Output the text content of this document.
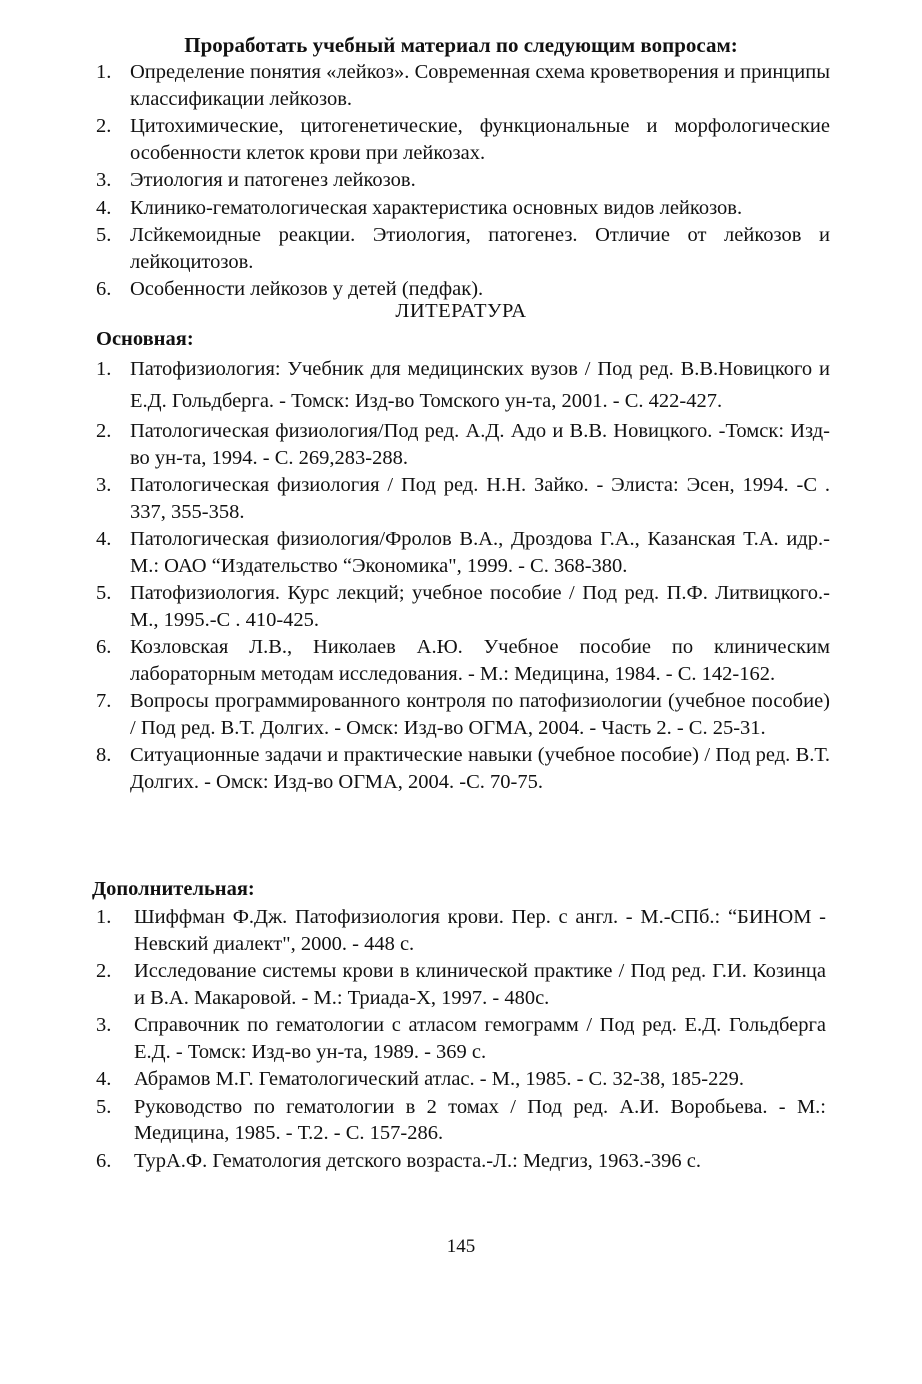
Проработать учебный материал по следующим вопросам:
1. Определение понятия «лейкоз». Современная схема кроветворения и принципы классификации лейкозов.
2. Цитохимические, цитогенетические, функциональные и морфологические особенности клеток крови при лейкозах.
3. Этиология и патогенез лейкозов.
4. Клинико-гематологическая характеристика основных видов лейкозов.
5. Лсйкемоидные реакции. Этиология, патогенез. Отличие от лейкозов и лейкоцитозов.
6. Особенности лейкозов у детей (педфак).
ЛИТЕРАТУРА
Основная:
1. Патофизиология: Учебник для медицинских вузов / Под ред. В.В.Новицкого и Е.Д. Гольдберга. - Томск: Изд-во Томского ун-та, 2001. - С. 422-427.
2. Патологическая физиология/Под ред. А.Д. Адо и В.В. Новицкого. -Томск: Изд-во ун-та, 1994. - С. 269,283-288.
3. Патологическая физиология / Под ред. Н.Н. Зайко. - Элиста: Эсен, 1994. -С . 337, 355-358.
4. Патологическая физиология/Фролов В.А., Дроздова Г.А., Казанская Т.А. идр.- М.: ОАО “Издательство “Экономика", 1999. - С. 368-380.
5. Патофизиология. Курс лекций; учебное пособие / Под ред. П.Ф. Литвицкого.-М., 1995.-С . 410-425.
6. Козловская Л.В., Николаев А.Ю. Учебное пособие по клиническим лабораторным методам исследования. - М.: Медицина, 1984. - С. 142-162.
7. Вопросы программированного контроля по патофизиологии (учебное пособие) / Под ред. В.Т. Долгих. - Омск: Изд-во ОГМА, 2004. - Часть 2. - С. 25-31.
8. Ситуационные задачи и практические навыки (учебное пособие) / Под ред. В.Т. Долгих. - Омск: Изд-во ОГМА, 2004. -С. 70-75.
Дополнительная:
1. Шиффман Ф.Дж. Патофизиология крови. Пер. с англ. - М.-СПб.: “БИНОМ - Невский диалект", 2000. - 448 с.
2. Исследование системы крови в клинической практике / Под ред. Г.И. Козинца и В.А. Макаровой. - М.: Триада-Х, 1997. - 480с.
3. Справочник по гематологии с атласом гемограмм / Под ред. Е.Д. Гольдберга Е.Д. - Томск: Изд-во ун-та, 1989. - 369 с.
4. Абрамов М.Г. Гематологический атлас. - М., 1985. - С. 32-38, 185-229.
5. Руководство по гематологии в 2 томах / Под ред. А.И. Воробьева. - М.: Медицина, 1985. - Т.2. - С. 157-286.
6. ТурА.Ф. Гематология детского возраста.-Л.: Медгиз, 1963.-396 с.
145
